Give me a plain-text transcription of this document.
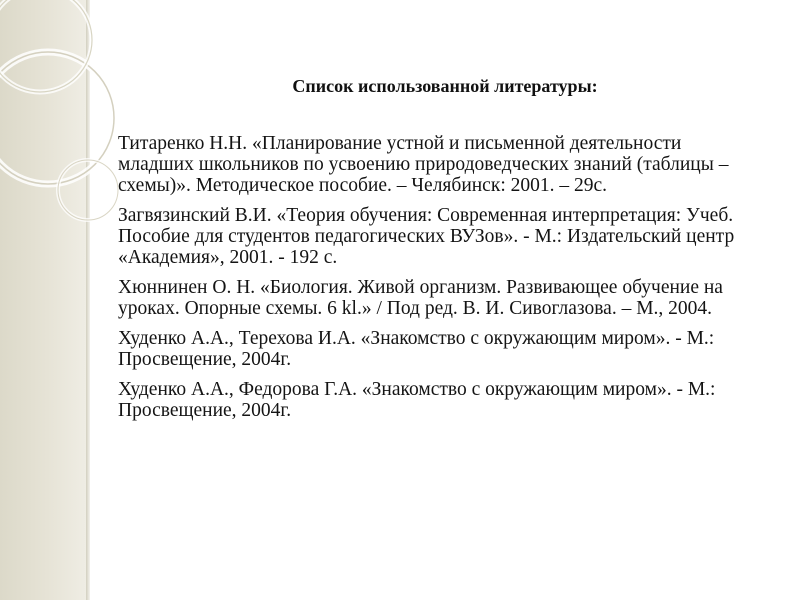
Список использованной литературы:

Титаренко Н.Н. «Планирование устной и письменной деятельности младших школьников по усвоению природоведческих знаний (таблицы – схемы)». Методическое пособие. – Челябинск: 2001. – 29с.

Загвязинский В.И. «Теория обучения: Современная интерпретация: Учеб. Пособие для студентов педагогических ВУЗов». - М.: Издательский центр «Академия», 2001. - 192 с.

Хюннинен О. Н. «Биология. Живой организм. Развивающее обучение на уроках. Опорные схемы. 6 kl.» / Под ред. В. И. Сивоглазова. – М., 2004.

Худенко А.А., Терехова И.А. «Знакомство с окружающим миром». - М.: Просвещение, 2004г.

Худенко А.А., Федорова Г.А. «Знакомство с окружающим миром». - М.: Просвещение, 2004г.
